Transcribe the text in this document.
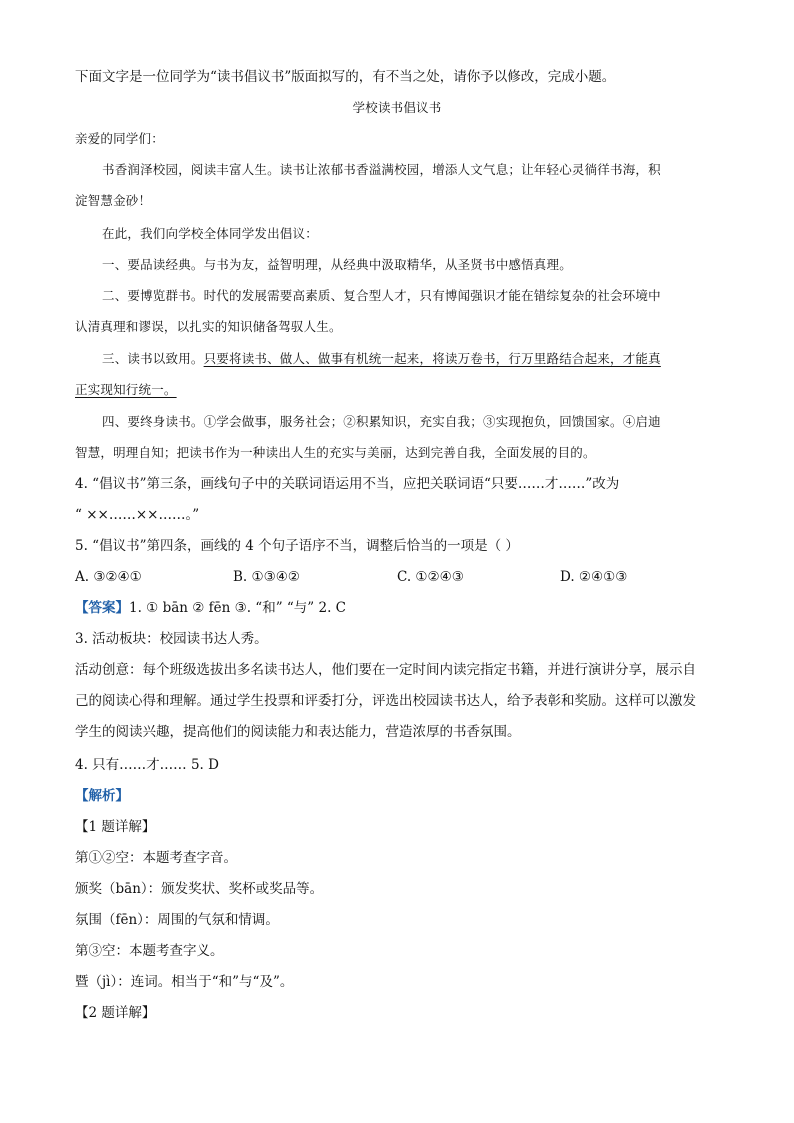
下面文字是一位同学为“读书倡议书”版面拟写的，有不当之处，请你予以修改，完成小题。
学校读书倡议书
亲爱的同学们：
书香润泽校园，阅读丰富人生。读书让浓郁书香溢满校园，增添人文气息；让年轻心灵徜徉书海，积
淀智慧金砂！
在此，我们向学校全体同学发出倡议：
一、要品读经典。与书为友，益智明理，从经典中汲取精华，从圣贤书中感悟真理。
二、要博览群书。时代的发展需要高素质、复合型人才，只有博闻强识才能在错综复杂的社会环境中
认清真理和谬误，以扎实的知识储备驾驭人生。
三、读书以致用。只要将读书、做人、做事有机统一起来，将读万卷书，行万里路结合起来，才能真
正实现知行统一。
四、要终身读书。①学会做事，服务社会；②积累知识，充实自我；③实现抱负，回馈国家。④启迪
智慧，明理自知；把读书作为一种读出人生的充实与美丽，达到完善自我，全面发展的目的。
4. “倡议书”第三条，画线句子中的关联词语运用不当，应把关联词语“只要……才……”改为
“ ××……××……。”
5. “倡议书”第四条，画线的 4 个句子语序不当，调整后恰当的一项是（ ）
A. ③②④①	B. ①③④②	C. ①②④③	D. ②④①③
【答案】1. ① bān ② fēn ③. “和” “与” 2. C
3. 活动板块：校园读书达人秀。
活动创意：每个班级选拔出多名读书达人，他们要在一定时间内读完指定书籍，并进行演讲分享，展示自
己的阅读心得和理解。通过学生投票和评委打分，评选出校园读书达人，给予表彰和奖励。这样可以激发
学生的阅读兴趣，提高他们的阅读能力和表达能力，营造浓厚的书香氛围。
4. 只有……才…… 5. D
【解析】
【1 题详解】
第①②空：本题考查字音。
颁奖（bān）：颁发奖状、奖杯或奖品等。
氛围（fēn）：周围的气氛和情调。
第③空：本题考查字义。
暨（jì）：连词。相当于“和”与“及”。
【2 题详解】
